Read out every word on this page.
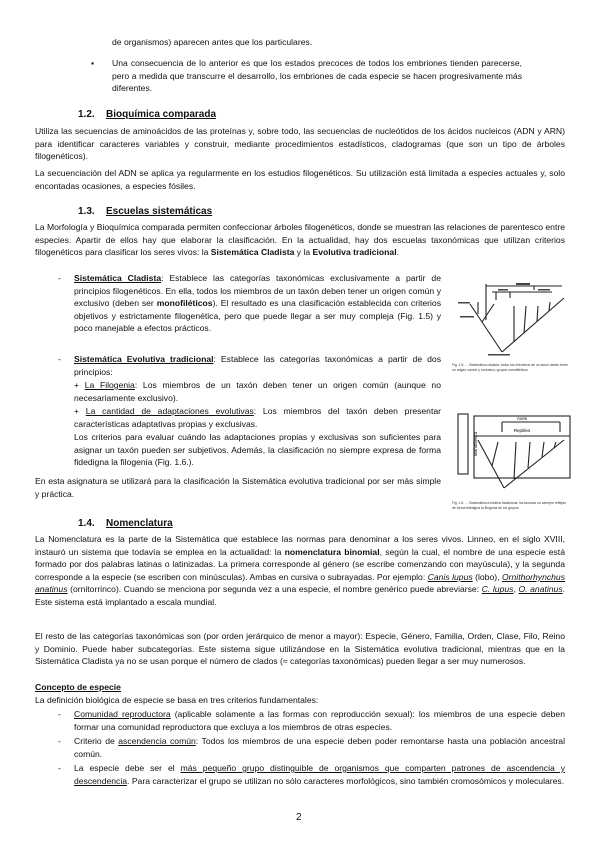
de organismos) aparecen antes que los particulares.

▪ Una consecuencia de lo anterior es que los estados precoces de todos los embriones tienden parecerse, pero a medida que transcurre el desarrollo, los embriones de cada especie se hacen progresivamente más diferentes.

1.2. Bioquímica comparada

Utiliza las secuencias de aminoácidos de las proteínas y, sobre todo, las secuencias de nucleótidos de los ácidos nucleicos (ADN y ARN) para identificar caracteres variables y construir, mediante procedimientos estadísticos, cladogramas (que son un tipo de árboles filogenéticos).

La secuenciación del ADN se aplica ya regularmente en los estudios filogenéticos. Su utilización está limitada a especies actuales y, solo encontadas ocasiones, a especies fósiles.

1.3. Escuelas sistemáticas

La Morfología y Bioquímica comparada permiten confeccionar árboles filogenéticos, donde se muestran las relaciones de parentesco entre especies. Apartir de ellos hay que elaborar la clasificación. En la actualidad, hay dos escuelas taxonómicas que utilizan criterios filogenéticos para clasificar los seres vivos: la Sistemática Cladista y la Evolutiva tradicional.

- Sistemática Cladista: Establece las categorías taxonómicas exclusivamente a partir de principios filogenéticos. En ella, todos los miembros de un taxón deben tener un origen común y exclusivo (deben ser monofiléticos). El resultado es una clasificación establecida con criterios objetivos y estrictamente filogenética, pero que puede llegar a ser muy compleja (Fig. 1.5) y poco manejable a efectos prácticos.

- Sistemática Evolutiva tradicional: Establece las categorías taxonómicas a partir de dos principios:

+ La Filogenia: Los miembros de un taxón deben tener un origen común (aunque no necesariamente exclusivo).

+ La cantidad de adaptaciones evolutivas: Los miembros del taxón deben presentar características adaptativas propias y exclusivas.

Los criterios para evaluar cuándo las adaptaciones propias y exclusivas son suficientes para asignar un taxón pueden ser subjetivos. Además, la clasificación no siempre expresa de forma fidedigna la filogenia (Fig. 1.6.).

En esta asignatura se utilizará para la clasificación la Sistemática evolutiva tradicional por ser más simple y práctica.

Fig. 1.5. ... Sistemática cladista: todos los miembros de un taxón deben tener un origen común y exclusivo; grupos monofiléticos.

Monofilético
Aves
Reptiles

Fig. 1.6. ... Sistemática evolutiva tradicional: los taxones no siempre reflejan de forma fidedigna la filogenia de los grupos.

1.4. Nomenclatura

La Nomenclatura es la parte de la Sistemática que establece las normas para denominar a los seres vivos. Linneo, en el siglo XVIII, instauró un sistema que todavía se emplea en la actualidad: la nomenclatura binomial, según la cual, el nombre de una especie está formado por dos palabras latinas o latinizadas. La primera corresponde al género (se escribe comenzando con mayúscula), y la segunda corresponde a la especie (se escriben con minúsculas). Ambas en cursiva o subrayadas. Por ejemplo: Canis lupus (lobo), Ornithorhynchus anatinus (ornitorrinco). Cuando se menciona por segunda vez a una especie, el nombre genérico puede abreviarse: C. lupus, O. anatinus. Este sistema está implantado a escala mundial.

El resto de las categorías taxonómicas son (por orden jerárquico de menor a mayor): Especie, Género, Familia, Orden, Clase, Filo, Reino y Dominio. Puede haber subcategorías. Este sistema sigue utilizándose en la Sistemática evolutiva tradicional, mientras que en la Sistemática Cladista ya no se usan porque el número de clados (≈ categorías taxonómicas) pueden llegar a ser muy numerosos.

Concepto de especie

La definición biológica de especie se basa en tres criterios fundamentales:

- Comunidad reproductora (aplicable solamente a las formas con reproducción sexual): los miembros de una especie deben formar una comunidad reproductora que excluya a los miembros de otras especies.

- Criterio de ascendencia común: Todos los miembros de una especie deben poder remontarse hasta una población ancestral común.

- La especie debe ser el más pequeño grupo distinguible de organismos que comparten patrones de ascendencia y descendencia. Para caracterizar el grupo se utilizan no sólo caracteres morfológicos, sino también cromosómicos y moleculares.

2
